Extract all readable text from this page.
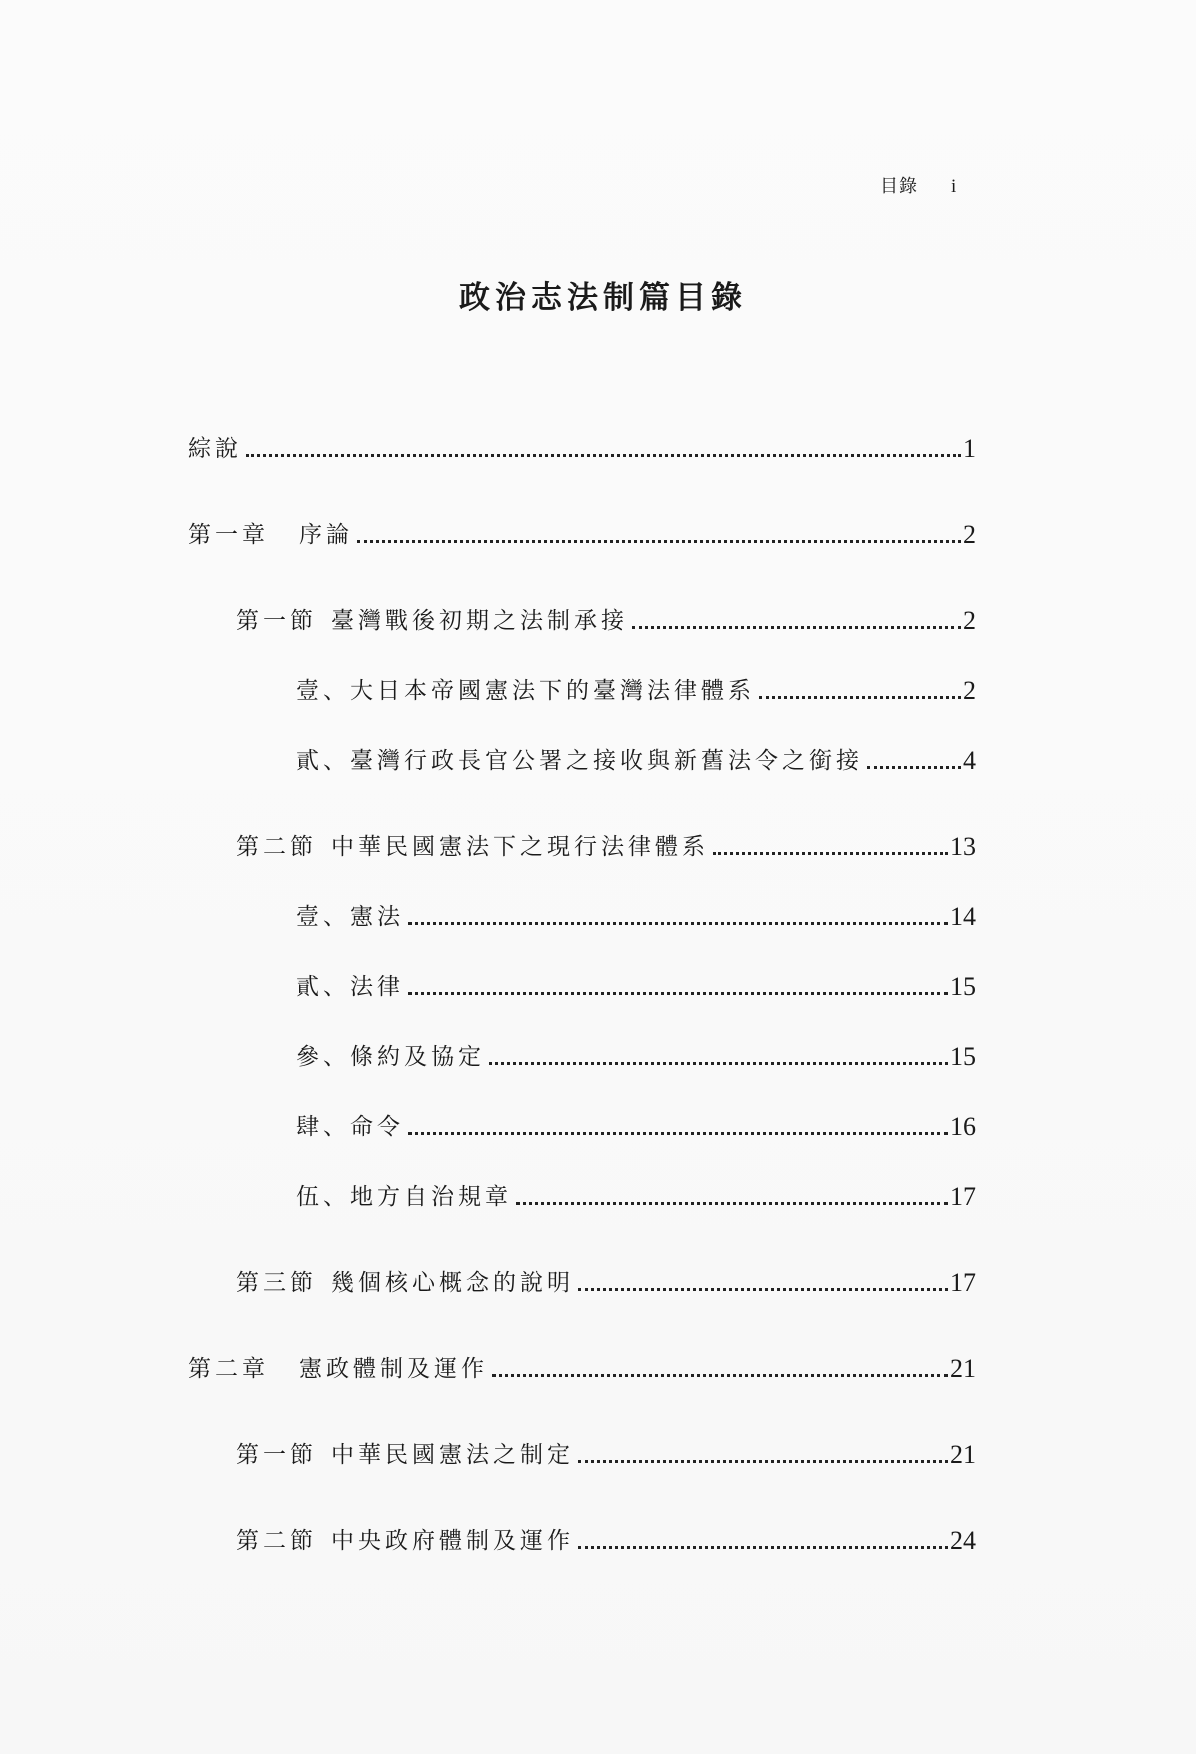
目錄 i
政治志法制篇目錄
綜說	1
第一章 序論	2
第一節 臺灣戰後初期之法制承接	2
壹、大日本帝國憲法下的臺灣法律體系	2
貳、臺灣行政長官公署之接收與新舊法令之銜接	4
第二節 中華民國憲法下之現行法律體系	13
壹、憲法	14
貳、法律	15
參、條約及協定	15
肆、命令	16
伍、地方自治規章	17
第三節 幾個核心概念的說明	17
第二章 憲政體制及運作	21
第一節 中華民國憲法之制定	21
第二節 中央政府體制及運作	24
